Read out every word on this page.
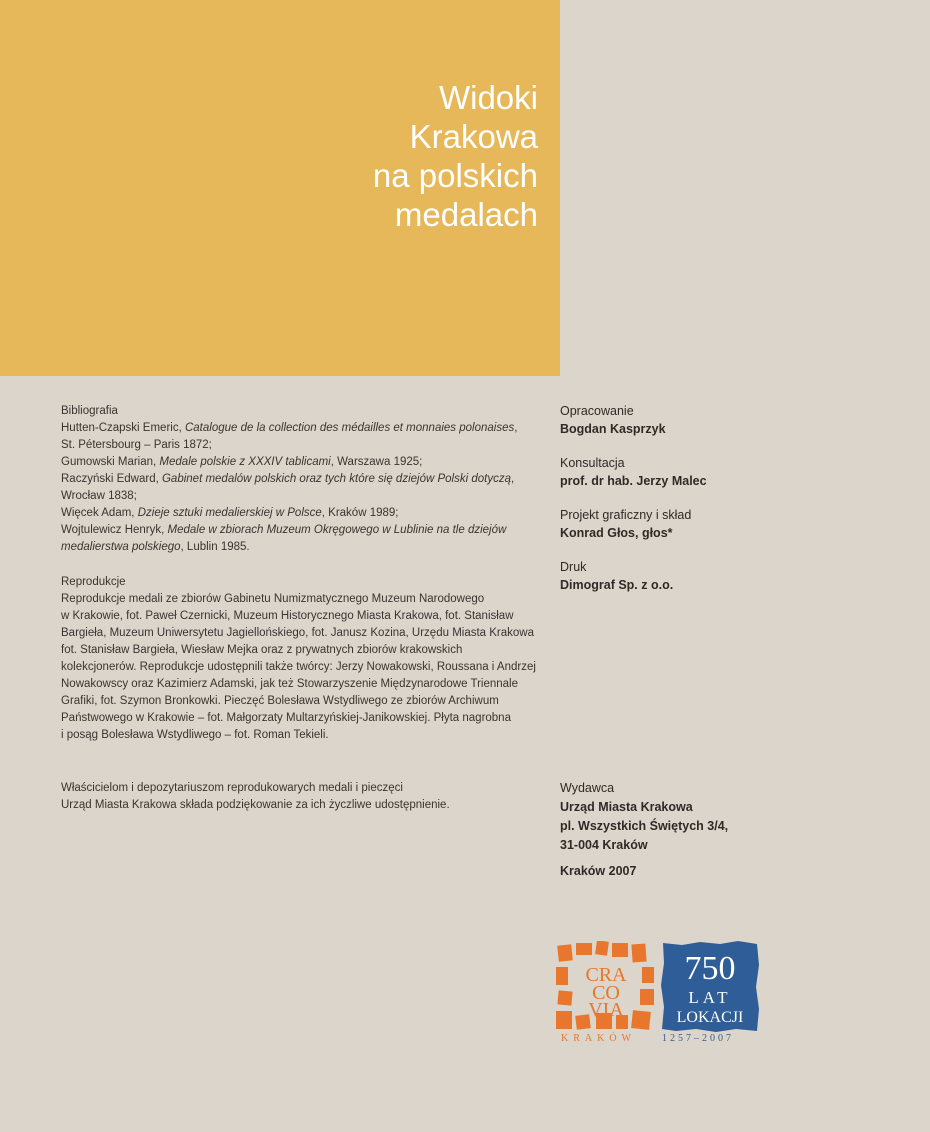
Widoki
Krakowa
na polskich
medalach
Bibliografia
Hutten-Czapski Emeric, Catalogue de la collection des médailles et monnaies polonaises,
St. Pétersbourg – Paris 1872;
Gumowski Marian, Medale polskie z XXXIV tablicami, Warszawa 1925;
Raczyński Edward, Gabinet medalów polskich oraz tych które się dziejów Polski dotyczą,
Wrocław 1838;
Więcek Adam, Dzieje sztuki medalierskiej w Polsce, Kraków 1989;
Wojtulewicz Henryk, Medale w zbiorach Muzeum Okręgowego w Lublinie na tle dziejów
medalierstwa polskiego, Lublin 1985.
Reprodukcje
Reprodukcje medali ze zbiorów Gabinetu Numizmatycznego Muzeum Narodowego
w Krakowie, fot. Paweł Czernicki, Muzeum Historycznego Miasta Krakowa, fot. Stanisław
Bargieła, Muzeum Uniwersytetu Jagiellońskiego, fot. Janusz Kozina, Urzędu Miasta Krakowa
fot. Stanisław Bargieła, Wiesław Mejka oraz z prywatnych zbiorów krakowskich
kolekcjonerów. Reprodukcje udostępnili także twórcy: Jerzy Nowakowski, Roussana i Andrzej
Nowakowscy oraz Kazimierz Adamski, jak też Stowarzyszenie Międzynarodowe Triennale
Grafiki, fot. Szymon Bronkowki. Pieczęć Bolesława Wstydliwego ze zbiorów Archiwum
Państwowego w Krakowie – fot. Małgorzaty Multarzyńskiej-Janikowskiej. Płyta nagrobna
i posąg Bolesława Wstydliwego – fot. Roman Tekieli.
Właścicielom i depozytariuszom reprodukowarych medali i pieczęci
Urząd Miasta Krakowa składa podziękowanie za ich życzliwe udostępnienie.
Opracowanie
Bogdan Kasprzyk
Konsultacja
prof. dr hab. Jerzy Malec
Projekt graficzny i skład
Konrad Głos, głos*
Druk
Dimograf Sp. z o.o.
Wydawca
Urząd Miasta Krakowa
pl. Wszystkich Świętych 3/4,
31-004 Kraków
Kraków 2007
CRA
CO
VIA
KRAKÓW
750
LAT
LOKACJI
1257–2007
